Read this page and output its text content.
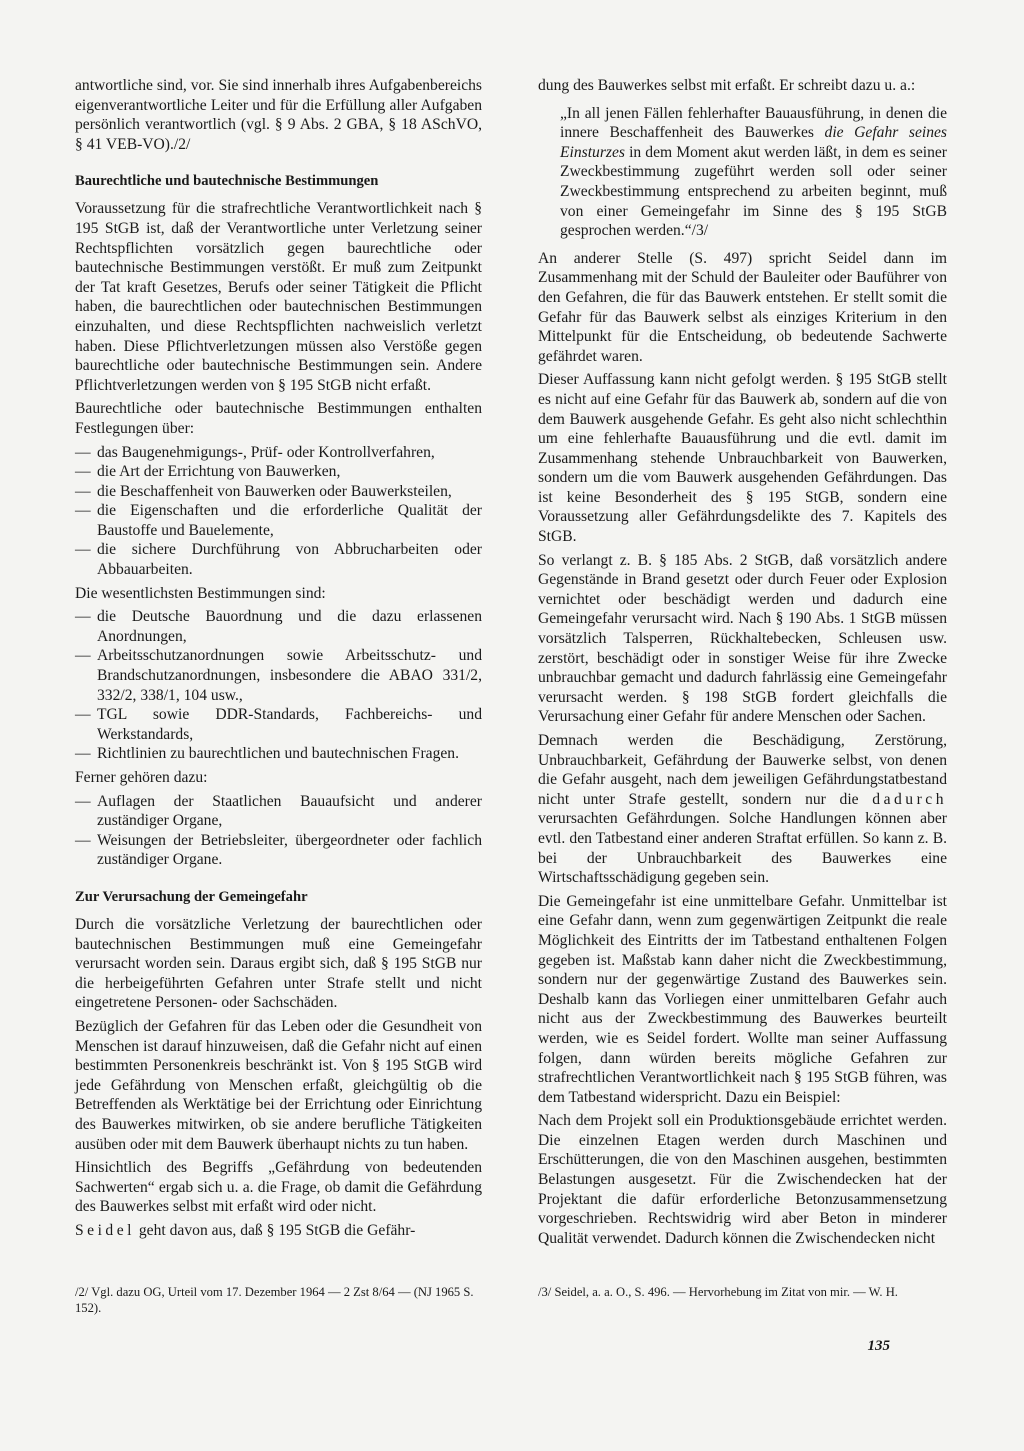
antwortliche sind, vor. Sie sind innerhalb ihres Aufgabenbereichs eigenverantwortliche Leiter und für die Erfüllung aller Aufgaben persönlich verantwortlich (vgl. § 9 Abs. 2 GBA, § 18 ASchVO, § 41 VEB-VO)./2/

Baurechtliche und bautechnische Bestimmungen

Voraussetzung für die strafrechtliche Verantwortlichkeit nach § 195 StGB ist, daß der Verantwortliche unter Verletzung seiner Rechtspflichten vorsätzlich gegen baurechtliche oder bautechnische Bestimmungen verstößt. Er muß zum Zeitpunkt der Tat kraft Gesetzes, Berufs oder seiner Tätigkeit die Pflicht haben, die baurechtlichen oder bautechnischen Bestimmungen einzuhalten, und diese Rechtspflichten nachweislich verletzt haben. Diese Pflichtverletzungen müssen also Verstöße gegen baurechtliche oder bautechnische Bestimmungen sein. Andere Pflichtverletzungen werden von § 195 StGB nicht erfaßt.

Baurechtliche oder bautechnische Bestimmungen enthalten Festlegungen über:

— das Baugenehmigungs-, Prüf- oder Kontrollverfahren,
— die Art der Errichtung von Bauwerken,
— die Beschaffenheit von Bauwerken oder Bauwerksteilen,
— die Eigenschaften und die erforderliche Qualität der Baustoffe und Bauelemente,
— die sichere Durchführung von Abbrucharbeiten oder Abbauarbeiten.

Die wesentlichsten Bestimmungen sind:

— die Deutsche Bauordnung und die dazu erlassenen Anordnungen,
— Arbeitsschutzanordnungen sowie Arbeitsschutz- und Brandschutzanordnungen, insbesondere die ABAO 331/2, 332/2, 338/1, 104 usw.,
— TGL sowie DDR-Standards, Fachbereichs- und Werkstandards,
— Richtlinien zu baurechtlichen und bautechnischen Fragen.

Ferner gehören dazu:

— Auflagen der Staatlichen Bauaufsicht und anderer zuständiger Organe,
— Weisungen der Betriebsleiter, übergeordneter oder fachlich zuständiger Organe.
Zur Verursachung der Gemeingefahr

Durch die vorsätzliche Verletzung der baurechtlichen oder bautechnischen Bestimmungen muß eine Gemeingefahr verursacht worden sein. Daraus ergibt sich, daß § 195 StGB nur die herbeigeführten Gefahren unter Strafe stellt und nicht eingetretene Personen- oder Sachschäden.

Bezüglich der Gefahren für das Leben oder die Gesundheit von Menschen ist darauf hinzuweisen, daß die Gefahr nicht auf einen bestimmten Personenkreis beschränkt ist. Von § 195 StGB wird jede Gefährdung von Menschen erfaßt, gleichgültig ob die Betreffenden als Werktätige bei der Errichtung oder Einrichtung des Bauwerkes mitwirken, ob sie andere berufliche Tätigkeiten ausüben oder mit dem Bauwerk überhaupt nichts zu tun haben.

Hinsichtlich des Begriffs „Gefährdung von bedeutenden Sachwerten“ ergab sich u. a. die Frage, ob damit die Gefährdung des Bauwerkes selbst mit erfaßt wird oder nicht.

Seidel geht davon aus, daß § 195 StGB die Gefähr-

dung des Bauwerkes selbst mit erfaßt. Er schreibt dazu u. a.:

„In all jenen Fällen fehlerhafter Bauausführung, in denen die innere Beschaffenheit des Bauwerkes die Gefahr seines Einsturzes in dem Moment akut werden läßt, in dem es seiner Zweckbestimmung zugeführt werden soll oder seiner Zweckbestimmung entsprechend zu arbeiten beginnt, muß von einer Gemeingefahr im Sinne des § 195 StGB gesprochen werden.“/3/

An anderer Stelle (S. 497) spricht Seidel dann im Zusammenhang mit der Schuld der Bauleiter oder Bauführer von den Gefahren, die für das Bauwerk entstehen. Er stellt somit die Gefahr für das Bauwerk selbst als einziges Kriterium in den Mittelpunkt für die Entscheidung, ob bedeutende Sachwerte gefährdet waren.

Dieser Auffassung kann nicht gefolgt werden. § 195 StGB stellt es nicht auf eine Gefahr für das Bauwerk ab, sondern auf die von dem Bauwerk ausgehende Gefahr. Es geht also nicht schlechthin um eine fehlerhafte Bauausführung und die evtl. damit im Zusammenhang stehende Unbrauchbarkeit von Bauwerken, sondern um die vom Bauwerk ausgehenden Gefährdungen. Das ist keine Besonderheit des § 195 StGB, sondern eine Voraussetzung aller Gefährdungsdelikte des 7. Kapitels des StGB.

So verlangt z. B. § 185 Abs. 2 StGB, daß vorsätzlich andere Gegenstände in Brand gesetzt oder durch Feuer oder Explosion vernichtet oder beschädigt werden und dadurch eine Gemeingefahr verursacht wird. Nach § 190 Abs. 1 StGB müssen vorsätzlich Talsperren, Rückhaltebecken, Schleusen usw. zerstört, beschädigt oder in sonstiger Weise für ihre Zwecke unbrauchbar gemacht und dadurch fahrlässig eine Gemeingefahr verursacht werden. § 198 StGB fordert gleichfalls die Verursachung einer Gefahr für andere Menschen oder Sachen.

Demnach werden die Beschädigung, Zerstörung, Unbrauchbarkeit, Gefährdung der Bauwerke selbst, von denen die Gefahr ausgeht, nach dem jeweiligen Gefährdungstatbestand nicht unter Strafe gestellt, sondern nur die dadurch verursachten Gefährdungen. Solche Handlungen können aber evtl. den Tatbestand einer anderen Straftat erfüllen. So kann z. B. bei der Unbrauchbarkeit des Bauwerkes eine Wirtschaftsschädigung gegeben sein.

Die Gemeingefahr ist eine unmittelbare Gefahr. Unmittelbar ist eine Gefahr dann, wenn zum gegenwärtigen Zeitpunkt die reale Möglichkeit des Eintritts der im Tatbestand enthaltenen Folgen gegeben ist. Maßstab kann daher nicht die Zweckbestimmung, sondern nur der gegenwärtige Zustand des Bauwerkes sein. Deshalb kann das Vorliegen einer unmittelbaren Gefahr auch nicht aus der Zweckbestimmung des Bauwerkes beurteilt werden, wie es Seidel fordert. Wollte man seiner Auffassung folgen, dann würden bereits mögliche Gefahren zur strafrechtlichen Verantwortlichkeit nach § 195 StGB führen, was dem Tatbestand widerspricht. Dazu ein Beispiel:

Nach dem Projekt soll ein Produktionsgebäude errichtet werden. Die einzelnen Etagen werden durch Maschinen und Erschütterungen, die von den Maschinen ausgehen, bestimmten Belastungen ausgesetzt. Für die Zwischendecken hat der Projektant die dafür erforderliche Betonzusammensetzung vorgeschrieben. Rechtswidrig wird aber Beton in minderer Qualität verwendet. Dadurch können die Zwischendecken nicht

/2/ Vgl. dazu OG, Urteil vom 17. Dezember 1964 — 2 Zst 8/64 — (NJ 1965 S. 152).
/3/ Seidel, a. a. O., S. 496. — Hervorhebung im Zitat von mir. — W. H.
135
